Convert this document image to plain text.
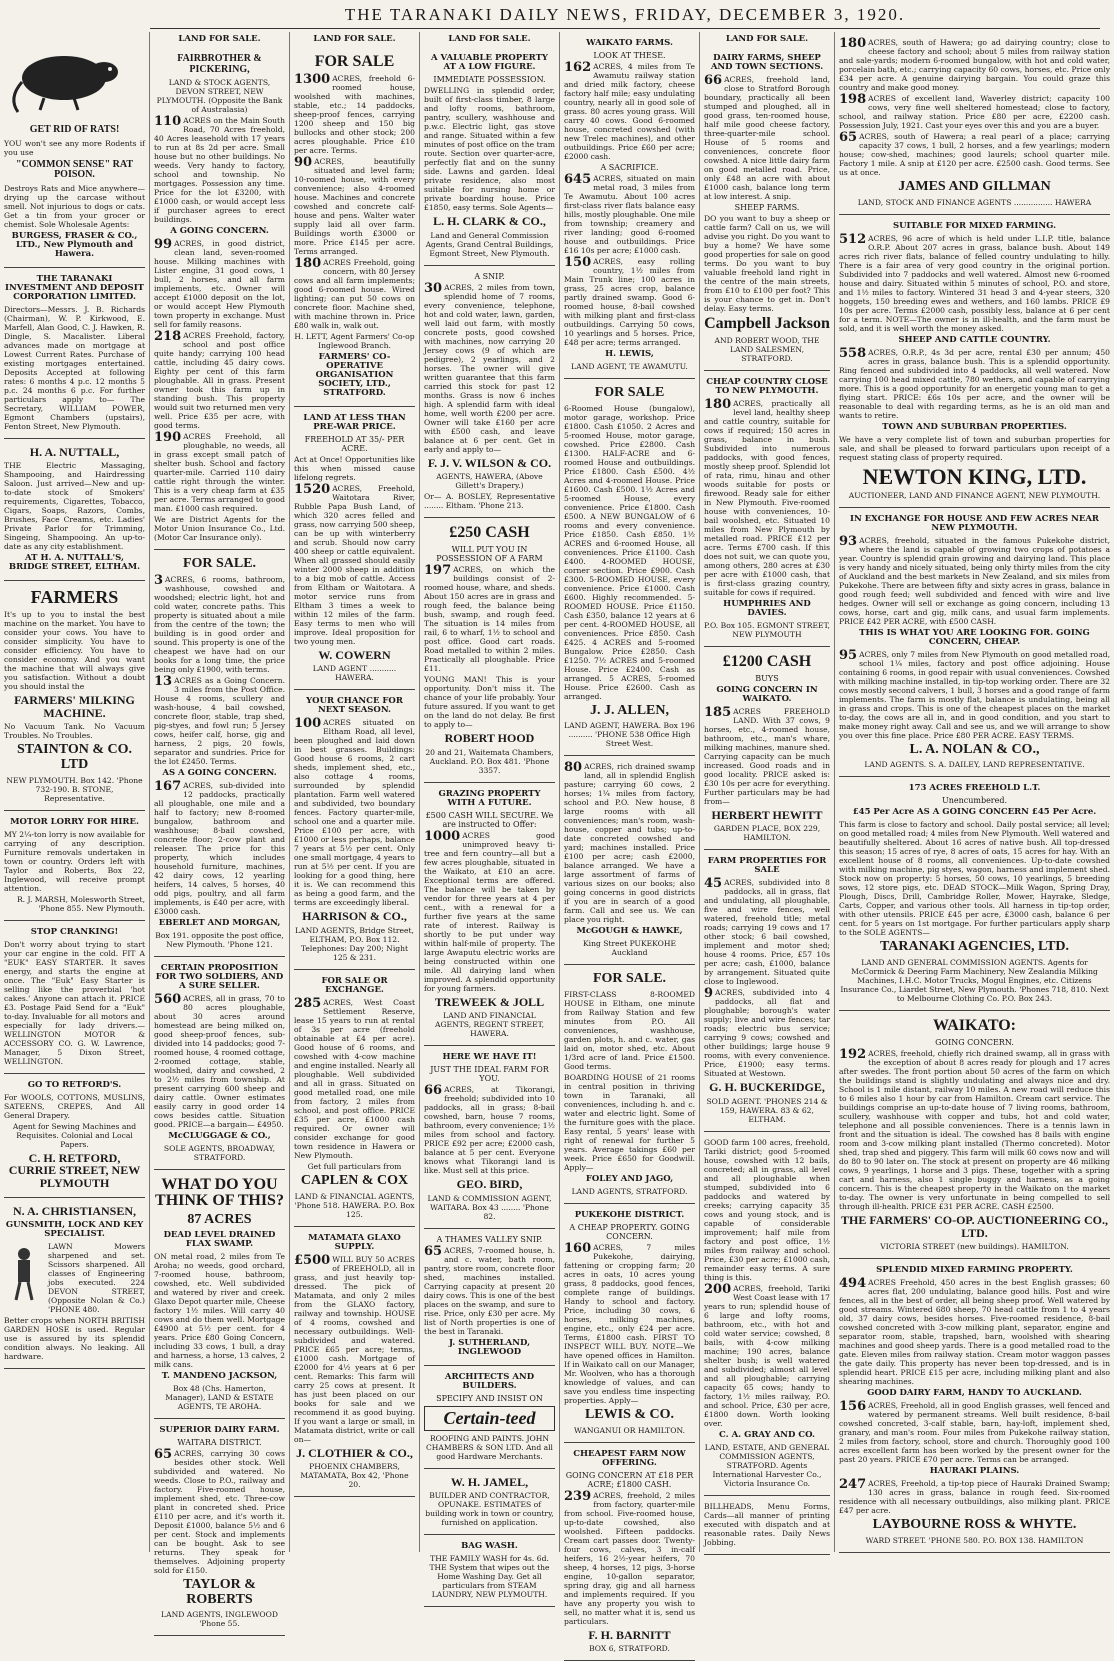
THE TARANAKI DAILY NEWS, FRIDAY, DECEMBER 3, 1920.
GET RID OF RATS!

YOU won't see any more Rodents if you use

"COMMON SENSE" RAT POISON.

Destroys Rats and Mice anywhere—drying up the carcase without smell. Not injurious to dogs or cats. Get a tin from your grocer or chemist. Sole Wholesale Agents:

BURGESS, FRASER & CO., LTD., New Plymouth and Hawera.
THE TARANAKI INVESTMENT AND DEPOSIT CORPORATION LIMITED.

Directors—Messrs. J. B. Richards (Chairman), W. P. Kirkwood, E. Marfell, Alan Good, C. J. Hawken, R. Dingle, S. Macalister. Liberal advances made on mortgage at Lowest Current Rates. Purchase of existing mortgages entertained. Deposits Accepted at following rates: 6 months 4 p.c. 12 months 5 p.c. 24 months 6 p.c. For further particulars apply to— The Secretary, WILLIAM POWER, Egmont Chambers (upstairs), Fenton Street, New Plymouth.

H. A. NUTTALL,

THE Electric Massaging, Shampooing, and Hairdressing Saloon. Just arrived—New and up-to-date stock of Smokers' requirements, Cigarettes, Tobacco, Cigars, Soaps, Razors, Combs, Brushes, Face Creams, etc. Ladies' Private Parlor for Trimming, Singeing, Shampooing. An up-to-date as any city establishment.

AT H. A. NUTTALL'S, BRIDGE STREET, ELTHAM.
FARMERS

It's up to you to instal the best machine on the market. You have to consider your cows. You have to consider simplicity. You have to consider efficiency. You have to consider economy. And you want the machine that will always give you satisfaction. Without a doubt you should instal the

FARMERS' MILKING MACHINE.

No Vacuum Tank. No Vacuum Troubles. No Troubles.

STAINTON & CO. LTD

NEW PLYMOUTH. Box 142. 'Phone 732-190. B. STONE, Representative.

MOTOR LORRY FOR HIRE.

MY 2¼-ton lorry is now available for carrying of any description. Furniture removals undertaken in town or country. Orders left with Taylor and Roberts, Box 22, Inglewood, will receive prompt attention.

R. J. MARSH, Molesworth Street, 'Phone 855. New Plymouth.

STOP CRANKING!

Don't worry about trying to start your car engine in the cold. FIT A "EUK" EASY STARTER. It saves energy, and starts the engine at once. The "Euk" Easy Starter is selling like the proverbial 'hot cakes.' Anyone can attach it. PRICE £3. Postage Paid Send for a "Euk" to-day. Invaluable for all motors and especially for lady drivers.— WELLINGTON MOTOR & ACCESSORY CO. G. W. Lawrence, Manager, 5 Dixon Street, WELLINGTON.

GO TO RETFORD'S.

For WOOLS, COTTONS, MUSLINS, SATEENS, CREPES, And All General Drapery.

Agent for Sewing Machines and Requisites. Colonial and Local Papers.

C. H. RETFORD, CURRIE STREET, NEW PLYMOUTH
N. A. CHRISTIANSEN,
GUNSMITH, LOCK AND KEY SPECIALIST.

LAWN Mowers sharpened and set. Scissors sharpened. All classes of Engineering jobs executed. 224 DEVON STREET, (Opposite Nolan & Co.) 'PHONE 480.

Better crops when NORTH BRITISH GARDEN HOSE is used. Regular use is assured by its splendid condition always. No leaking. All hardware.

LAND FOR SALE.
FAIRBROTHER & PICKERING,

LAND & STOCK AGENTS, DEVON STREET, NEW PLYMOUTH. (Opposite the Bank of Australasia)

110 ACRES on the Main South Road, 70 Acres freehold, 40 Acres leasehold with 17 years to run at 8s 2d per acre. Small house but no other buildings. No weeds. Very handy to factory, school and township. No mortgages. Possession any time. Price for the lot £3200, with £1000 cash, or would accept less if purchaser agrees to erect buildings.

A GOING CONCERN.

99 ACRES, in good district, clean land, seven-roomed house. Milking machines with Lister engine, 31 good cows, 1 bull, 2 horses, and all farm implements, etc. Owner will accept £1000 deposit on the lot, or would accept Hew Plymouth town property in exchange. Must sell for family reasons.

218 ACRES Freehold, factory, school and post office quite handy; carrying 100 head cattle, including 45 dairy cows. Eighty per cent of this farm ploughable. All in grass. Present owner took this farm up in standing bush. This property would suit two returned men very well. Price £35 per acre, with good terms.

190 ACRES Freehold, all ploughable, no weeds, all in grass except small patch of shelter bush. School and factory quarter-mile. Carried 110 dairy cattle right through the winter. This is a very cheap farm at £35 per acre. Terms arranged to good man. £1000 cash required.

We are District Agents for the Motor Union Insurance Co., Ltd. (Motor Car Insurance only).

FOR SALE.

3 ACRES, 6 rooms, bathroom, washhouse, cowshed and woodshed; electric light, hot and cold water, concrete paths. This property is situated about a mile from the centre of the town; the building is in good order and sound. This property is one of the cheapest we have had on our books for a long time, the price being only £1900, with terms.

13 ACRES as a Going Concern. 3 miles from the Post Office. House 4 rooms, scullery and wash-house, 4 bail cowshed, concrete floor, stable, trap shed, pig-styes, and fowl run; 5 Jersey cows, heifer calf, horse, gig and harness, 2 pigs, 20 fowls, separator and sundries. Price for the lot £2450. Terms.

AS A GOING CONCERN.

167 ACRES, sub-divided into 12 paddocks, practically all ploughable, one mile and a half to factory; new 8-roomed bungalow, bathroom and washhouse; 8-bail cowshed, concrete floor; 2-cow plant and releaser. The price for this property, which includes household furniture, machines, 42 dairy cows, 12 yearling heifers, 14 calves, 5 horses, 40 odd pigs, poultry, and all farm implements, is £40 per acre, with £3000 cash.

EBERLET AND MORGAN,

Box 191. opposite the post office, New Plymouth. 'Phone 121.

CERTAIN PROPOSITION FOR TWO SOLDIERS, AND A SURE SELLER.

560 ACRES, all in grass, 70 to 80 acres ploughable, about 30 acres around homestead are being milked on, good sheep-proof fences, sub-divided into 14 paddocks; good 7-roomed house, 4 roomed cottage, 2-roomed cottage, stable, woolshed, dairy and cowshed, 2 to 2½ miles from township. At present carrying 600 sheep and dairy cattle. Owner estimates easily carry in good order 14 cows besides cattle. Situation good. PRICE—a bargain— £4950.

McCLUGGAGE & CO.,

SOLE AGENTS, BROADWAY, STRATFORD.

WHAT DO YOU THINK OF THIS?
87 ACRES
DEAD LEVEL DRAINED FLAX SWAMP.

ON metal road, 2 miles from Te Aroha; no weeds, good orchard, 7-roomed house, bathroom, cowshed, etc. Well subdivided and watered by river and creek. Glaxo Depot quarter mile, Cheese factory 1½ miles. Will carry 40 cows and do them well. Mortgage £4900 at 5½ per cent. for 4 years. Price £80 Going Concern, including 33 cows, 1 bull, a dray and harness, a horse, 13 calves, 2 milk cans.

T. MANDENO JACKSON,

Box 48 (Chs. Hamerton, Manager), LAND & ESTATE AGENTS, TE AROHA.

SUPERIOR DAIRY FARM.
WAITARA DISTRICT.

65 ACRES, carrying 30 cows besides other stock. Well subdivided and watered. No weeds. Close to P.O., railway and factory. Five-roomed house, implement shed, etc. Three-cow plant in concreted shed. Price £110 per acre, and it's worth it. Deposit £1000, balance 5½ and 6 per cent. Stock and implements can be bought. Ask to see returns. They speak for themselves. Adjoining property sold for £150.

TAYLOR & ROBERTS

LAND AGENTS, INGLEWOOD 'Phone 55.

LAND FOR SALE.
FOR SALE

1300 ACRES, freehold 6-roomed house, woolshed with machines, stable, etc.; 14 paddocks, sheep-proof fences, carrying 1200 sheep and 150 big bullocks and other stock; 200 acres ploughable. Price £10 per acre. Terms.

90 ACRES, beautifully situated and level farm; 10-roomed house, with every convenience; also 4-roomed house. Machines and concrete cowshed and concrete calf-house and pens. Walter water supply laid all over farm. Buildings worth £3000 or more. Price £145 per acre. Terms arranged.

180 ACRES Freehold, going concern, with 80 Jersey cows and all farm implements; good 6-roomed house. Wired lighting; can put 50 cows on concrete floor. Machine shed, with machine thrown in. Price £80 walk in, walk out.

H. LETT, Agent Farmers' Co-op Inglewood Branch.

FARMERS' CO-OPERATIVE ORGANISATION SOCIETY, LTD., STRATFORD.
LAND AT LESS THAN PRE-WAR PRICE.
FREEHOLD AT 35/- PER ACRE.

Act at Once! Opportunities like this when missed cause lifelong regrets.

1520 ACRES, Freehold, Waitotara River, Rubble Papa Bush Land, of which 320 acres felled and grass, now carrying 500 sheep, can be up with winterberry and scrub. Should now carry 400 sheep or cattle equivalent. When all grassed should easily winter 2000 sheep in addition to a big mob of cattle. Access from Eltham or Waitotara. A motor service runs from Eltham 3 times a week to within 12 miles of the farm. Easy terms to men who will improve. Ideal proposition for two young men.

W. COWERN

LAND AGENT ........... HAWERA.

YOUR CHANCE FOR NEXT SEASON.

100 ACRES situated on Eltham Road, all level, been ploughed and laid down in best grasses. Buildings: Good house 6 rooms, 2 cart sheds, implement shed, etc., also cottage 4 rooms, surrounded by splendid plantation. Farm well watered and subdivided, two boundary fences. Factory quarter-mile, school one and a quarter mile. Price £100 per acre, with £1000 or less perhaps, balance 7 years at 5½ per cent. Only one small mortgage, 4 years to run at 5½ per cent. If you are looking for a good thing, here it is. We can recommend this as being a good farm, and the terms are exceedingly liberal.

HARRISON & CO.,

LAND AGENTS, Bridge Street, ELTHAM, P.O. Box 112. Telephones: Day 200; Night 125 & 231.

FOR SALE OR EXCHANGE.

285 ACRES, West Coast Settlement Reserve, lease 15 years to run at rental of 3s per acre (freehold obtainable at £4 per acre). Good house of 6 rooms, and cowshed with 4-cow machine and engine installed. Nearly all ploughable. Well subdivided and all in grass. Situated on good metalled road, one mile from factory, 2 miles from school, and post office. PRICE £35 per acre, £1000 cash required. Or owner will consider exchange for good town residence in Hawera or New Plymouth.

Get full particulars from

CAPLEN & COX

LAND & FINANCIAL AGENTS, 'Phone 518. HAWERA. P.O. Box 125.

MATAMATA GLAXO SUPPLY.

£500 WILL BUY 50 ACRES of FREEHOLD, all in grass, and just heavily top-dressed. The pick of Matamata, and only 2 miles from the GLAXO factory, railway and township. HOUSE of 4 rooms, cowshed and necessary outbuildings. Well-subdivided and watered. PRICE £65 per acre; terms, £1000 cash. Mortgage of £2000 for 4½ years at 6 per cent. Remarks: This farm will carry 25 cows at present. It has just been placed on our books for sale and we recommend it as good buying. If you want a large or small, in Matamata district, write or call on—

J. CLOTHIER & CO.,

PHOENIX CHAMBERS, MATAMATA, Box 42, 'Phone 20.

LAND FOR SALE.
A VALUABLE PROPERTY AT A LOW FIGURE.
IMMEDIATE POSSESSION.

DWELLING in splendid order, built of first-class timber, 8 large and lofty rooms, bathroom, pantry, scullery, washhouse and p.w.c. Electric light, gas stove and range. Situated within a few minutes of post office on the tram route. Section over quarter-acre, perfectly flat and on the sunny side. Lawns and garden. Ideal private residence, also most suitable for nursing home or private boarding house. Price £1850, easy terms. Sole Agents—

L. H. CLARK & CO.,

Land and General Commission Agents, Grand Central Buildings, Egmont Street, New Plymouth.

A SNIP.

30 ACRES, 2 miles from town, splendid home of 7 rooms, every convenience, telephone, hot and cold water, lawn, garden, well laid out farm, with mostly concrete posts, good cowshed with machines, now carrying 20 Jersey cows (9 of which are pedigree), 2 yearlings, and 2 horses. The owner will give written guarantee that this farm carried this stock for past 12 months. Grass is now 6 inches high. A splendid farm with ideal home, well worth £200 per acre. Owner will take £160 per acre with £500 cash, and leave balance at 6 per cent. Get in early and apply to—

F. J. V. WILSON & CO.

AGENTS, HAWERA, (Above Gillett's Drapery.)

Or— A. BOSLEY, Representative ........ Eltham. 'Phone 213.

£250 CASH
WILL PUT YOU IN POSSESSION OF A FARM

197 ACRES, on which the buildings consist of 2-roomed house, whare, and sheds. About 150 acres are in grass and rough feed, the balance being bush, swamp, and rough feed. The situation is 14 miles from rail, 6 to wharf, 1½ to school and post office. Good cart roads. Road metalled to within 2 miles. Practically all ploughable. Price £11.

YOUNG MAN! This is your opportunity. Don't miss it. The chance of your life probably. Your future assured. If you want to get on the land do not delay. Be first to apply to—

ROBERT HOOD

20 and 21, Waitemata Chambers, Auckland. P.O. Box 481. 'Phone 3357.

GRAZING PROPERTY WITH A FUTURE.
£500 CASH WILL SECURE. We are instructed to Offer:

1000 ACRES good unimproved heavy ti-tree and fern country—all but a few acres ploughable, situated in the Waikato, at £10 an acre. Exceptional terms are offered. The balance will be taken by vendor for three years at 4 per cent., with a renewal for a further five years at the same rate of interest. Railway is shortly to be put under way within half-mile of property. The large Awaputu electric works are being constructed within one mile. All dairying land when improved. A splendid opportunity for young farmers.

TREWEEK & JOLL

LAND AND FINANCIAL AGENTS, REGENT STREET, HAWERA.

HERE WE HAVE IT!
JUST THE IDEAL FARM FOR YOU.

66 ACRES, at Tikorangi, freehold; subdivided into 10 paddocks, all in grass; 8-bail cowshed, barn, house 7 rooms, bathroom, every convenience; 1½ miles from school and factory. PRICE £92 per acre; £2000 cash, balance at 5 per cent. Everyone knows what Tikorangi land is like. Must sell at this price.

GEO. BIRD,

LAND & COMMISSION AGENT, WAITARA. Box 43 ........ 'Phone 82.

A THAMES VALLEY SNIP.

65 ACRES, 7-roomed house, h. and c. water, bath room, pantry, store room, concrete floor shed, machines installed. Carrying capacity at present 20 dairy cows. This is one of the best places on the swamp, and sure to rise. Price, only £30 per acre. My list of North properties is one of the best in Taranaki.

J. SUTHERLAND, INGLEWOOD
ARCHITECTS AND BUILDERS.
SPECIFY AND INSIST ON
Certain-teed

ROOFING AND PAINTS. JOHN CHAMBERS & SON LTD. And all good Hardware Merchants.

W. H. JAMEL,

BUILDER AND CONTRACTOR, OPUNAKE. ESTIMATES of building work in town or country, furnished on application.

BAG WASH.

THE FAMILY WASH for 4s. 6d. THE System that wipes out the Home Washing Day. Get all particulars from STEAM LAUNDRY, NEW PLYMOUTH.

WAIKATO FARMS.
LOOK AT THESE.

162 ACRES, 4 miles from Te Awamutu railway station and dried milk factory, cheese factory half mile; easy undulating country, nearly all in good sole of grass. 80 acres young grass. Will carry 40 cows. Good 6-roomed house, concreted cowshed (with new Trelec machines), and other outbuildings. Price £60 per acre; £2000 cash.

A SACRIFICE.

645 ACRES, situated on main metal road, 3 miles from Te Awamutu. About 100 acres first-class river flats balance easy hills, mostly ploughable. One mile from township; creamery and river landing; good 6-roomed house and outbuildings. Price £16 10s per acre; £1000 cash.

150 ACRES, easy rolling country, 1½ miles from Main Trunk line; 100 acres in grass, 25 acres crop, balance partly drained swamp. Good 6-roomed house, 8-bail cowshed with milking plant and first-class outbuildings. Carrying 50 cows, 10 yearlings and 5 horses. Price, £48 per acre; terms arranged.

H. LEWIS,

LAND AGENT, TE AWAMUTU.

FOR SALE

6-Roomed House (bungalow), motor garage, workshop. Price £1800. Cash £1050. 2 Acres and 5-roomed House, motor garage, cowshed. Price £2800. Cash £1300. HALF-ACRE and 6-roomed House and outbuildings. Price £1800. Cash £500. 4½ Acres and 4-roomed House. Price £1600. Cash £500. 1½ Acres and 5-roomed House, every convenience. Price £1800. Cash £500. A NEW BUNGALOW of 6 rooms and every convenience. Price £1850. Cash £850. 1½ ACRES and 6-roomed House, all conveniences. Price £1100. Cash £400. 4-ROOMED HOUSE, corner section. Price £900. Cash £300. 5-ROOMED HOUSE, every convenience. Price £1000. Cash £600. Highly recommended. 5-ROOMED HOUSE. Price £1150. Cash £350, balance 12 years at 6 per cent. 4-ROOMED HOUSE, all conveniences. Price £850. Cash £425. 4 ACRES and 5-roomed Bungalow. Price £2850. Cash £1250. 7½ ACRES and 5-roomed House. Price £2400. Cash as arranged. 5 ACRES, 5-roomed House. Price £2600. Cash as arranged.

J. J. ALLEN,

LAND AGENT, HAWERA. Box 196 .......... 'PHONE 538 Office High Street West.

80 ACRES, rich drained swamp land, all in splendid English pasture; carrying 60 cows, 2 horses; 1¼ miles from factory, school and P.O. New house, 8 large rooms with all conveniences; man's room, wash-house, copper and tubs; up-to-date concreted cowshed and yard; machines installed. Price £100 per acre; cash £2000, balance arranged. We have a large assortment of farms of various sizes on our books; also going concerns in good districts if you are in search of a good farm. Call and see us. We can place you right.

McGOUGH & HAWKE,

King Street PUKEKOHE Auckland

FOR SALE.

FIRST-CLASS 8-ROOMED HOUSE in Eltham, one minute from Railway Station and few minutes from P.O. All conveniences, washhouse, garden plots, h. and c. water, gas laid on, motor shed, etc. About 1/3rd acre of land. Price £1500. Good terms.

BOARDING HOUSE of 21 rooms in central position in thriving town in Taranaki, all conveniences, including h. and c. water and electric light. Some of the furniture goes with the place. Easy rental, 5 years' lease with right of renewal for further 5 years. Average takings £60 per week. Price £650 for Goodwill. Apply—

FOLEY AND JAGO,

LAND AGENTS, STRATFORD.

PUKEKOHE DISTRICT.
A CHEAP PROPERTY. GOING CONCERN.

160 ACRES, 7 miles Pukekohe, dairying, fattening or cropping farm; 20 acres in oats, 10 acres young grass, 8 paddocks, good fences, complete range of buildings. Handy to school and factory. Price, including 30 cows, 6 horses, milking machines, engine, etc., only £24 per acre. Terms, £1800 cash. FIRST TO INSPECT WILL BUY. NOTE—We have opened offices in Hamilton. If in Waikato call on our Manager, Mr. Woolven, who has a thorough knowledge of values, and can save you endless time inspecting properties. Apply—

LEWIS & CO.

WANGANUI OR HAMILTON.

CHEAPEST FARM NOW OFFERING.
GOING CONCERN AT £18 PER ACRE; £1800 CASH.

239 ACRES, freehold, 2 miles from factory, quarter-mile from school. Five-roomed house, up-to-date cowshed, also woolshed. Fifteen paddocks. Cream cart passes door. Twenty-four cows, calves, 3 in-calf heifers, 16 2½-year heifers, 70 sheep, 4 horses, 12 pigs, 3-horse engine, 10-gallon separator, spring dray, gig and all harness and implements required. If you have any property you wish to sell, no matter what it is, send us particulars.

F. H. BARNITT

BOX 6, STRATFORD.

LAND FOR SALE.
DAIRY FARMS, SHEEP AND TOWN SECTIONS.

66 ACRES, freehold land, close to Stratford Borough boundary, practically all been stumped and ploughed, all in good grass, ten-roomed house, half mile good cheese factory, three-quarter-mile school. House of 5 rooms and conveniences, concrete floor cowshed. A nice little dairy farm on good metalled road. Price, only £48 an acre with about £1000 cash, balance long term at low interest. A snip.

SHEEP FARMS.

DO you want to buy a sheep or cattle farm? Call on us, we will advise you right. Do you want to buy a home? We have some good properties for sale on good terms. Do you want to buy valuable freehold land right in the centre of the main streets, from £10 to £100 per foot? This is your chance to get in. Don't delay. Easy terms.

Campbell Jackson

AND ROBERT WOOD, THE LAND SALESMEN, STRATFORD.

CHEAP COUNTRY CLOSE TO NEW PLYMOUTH.

180 ACRES, practically all level land, healthy sheep and cattle country, suitable for cows if required; 150 acres in grass, balance in bush. Subdivided into numerous paddocks, with good fences, mostly sheep proof. Splendid lot of rata, rimu, hinau and other woods suitable for posts or firewood. Ready sale for either in New Plymouth. Five-roomed house with conveniences, 10-bail woolshed, etc. Situated 10 miles from New Plymouth by metalled road. PRICE £12 per acre. Terms £700 cash. If this does not suit, we can quote you, among others, 280 acres at £30 per acre with £1000 cash, that is first-class grazing country, suitable for cows if required.

HUMPHRIES AND DAVIES.

P.O. Box 105. EGMONT STREET, NEW PLYMOUTH

£1200 CASH
BUYS
GOING CONCERN IN WAIKATO.

185 ACRES FREEHOLD LAND. With 37 cows, 9 horses, etc., 4-roomed house, bathroom, etc., man's whare, milking machines, manure shed. Carrying capacity can be much increased. Good roads and in good locality. PRICE asked is: £30 10s per acre for everything. Further particulars may be had from—

HERBERT HEWITT

GARDEN PLACE, BOX 229, HAMILTON.

FARM PROPERTIES FOR SALE

45 ACRES, subdivided into 8 paddocks, all in grass, flat and undulating, all ploughable, five and wire fences, well watered, freehold title; metal roads; carrying 19 cows and 17 other stock; 6 bail cowshed, implement and motor shed; house 4 rooms. Price, £57 10s per acre; cash, £1000, balance by arrangement. Situated quite close to Inglewood.

9 ACRES, subdivided into 4 paddocks, all flat and ploughable; borough's water supply; live and wire fences; tar roads; electric bus service; carrying 9 cows; cowshed and other buildings; large house 9 rooms, with every convenience. Price, £1900; easy terms. Situated at Westown.

G. H. BUCKERIDGE,

SOLD AGENT. 'PHONES 214 & 159, HAWERA. 83 & 62, ELTHAM.

GOOD farm 100 acres, freehold, Tariki district; good 5-roomed house, cowshed with 12 bails, concreted; all in grass, all level and all ploughable when stumped, subdivided into 6 paddocks and watered by creeks; carrying capacity 35 cows and young stock, and is capable of considerable improvement; half mile from factory and post office, 1½ miles from railway and school. Price, £30 per acre; £1000 cash, remainder easy terms. A sure thing is this.

200 ACRES, freehold, Tariki West Coast lease with 17 years to run; splendid house of 6 large and lofty rooms, bathroom, etc., with hot and cold water service; cowshed, 8 bails, with 4-cow milking machine; 190 acres, balance shelter bush; is well watered and subdivided; almost all level and all ploughable; carrying capacity 65 cows; handy to factory, 1½ miles railway, P.O. and school. Price, £30 per acre, £1800 down. Worth looking over.

C. A. GRAY AND CO.

LAND, ESTATE, AND GENERAL COMMISSION AGENTS, STRATFORD. Agents International Harvester Co., Victoria Insurance Co.

BILLHEADS, Menu Forms, Cards—all manner of printing executed with dispatch and at reasonable rates. Daily News Jobbing.

180 ACRES, south of Hawera; go ad dairying country; close to cheese factory and school; about 5 miles from railway station and sale-yards; modern 6-roomed bungalow, with hot and cold water, porcelain bath, etc.; carrying capacity 60 cows, horses, etc. Price only £34 per acre. A genuine dairying bargain. You could graze this country and make good money.

198 ACRES of excellent land, Waverley district; capacity 100 cows, very fine well sheltered homestead; close to factory, school, and railway station. Price £80 per acre, £2200 cash. Possession July, 1921. Cast your eyes over this and you are a buyer.

65 ACRES, south of Hawera; a real pearl of a place; carrying capacity 37 cows, 1 bull, 2 horses, and a few yearlings; modern house; cow-shed, machines; good laurels; school quarter mile. Factory 1 mile. A snip at £120 per acre. £2500 cash. Good terms. See us at once.

JAMES AND GILLMAN

LAND, STOCK AND FINANCE AGENTS ................ HAWERA

SUITABLE FOR MIXED FARMING.

512 ACRES, 96 acre of which is held under L.I.P. title, balance O.R.P. About 207 acres in grass, balance bush. About 149 acres rich river flats, balance of felled country undulating to hilly. There is a fair area of very good country in the original portion. Subdivided into 7 paddocks and well watered. Almost new 6-roomed house and dairy. Situated within 5 minutes of school, P.O. and store, and 1½ miles to factory. Wintered 31 head 3 and 4-year steers, 320 hoggets, 150 breeding ewes and wethers, and 160 lambs. PRICE £9 10s per acre. Terms £2000 cash, possibly less, balance at 6 per cent for a term. NOTE—The owner is in ill-health, and the farm must be sold, and it is well worth the money asked.

SHEEP AND CATTLE COUNTRY.

558 ACRES, O.R.P., 4s 3d per acre, rental £30 per annum; 450 acres in grass, balance bush. This is a splendid opportunity. Ring fenced and subdivided into 4 paddocks, all well watered. Now carrying 100 head mixed cattle, 780 wethers, and capable of carrying more. This is a good opportunity for an energetic young man to get a flying start. PRICE: £6s 10s per acre, and the owner will be reasonable to deal with regarding terms, as he is an old man and wants to retire.

TOWN AND SUBURBAN PROPERTIES.

We have a very complete list of town and suburban properties for sale, and shall be pleased to forward particulars upon receipt of a request stating class of property required.

NEWTON KING, LTD.

AUCTIONEER, LAND AND FINANCE AGENT, NEW PLYMOUTH.

IN EXCHANGE FOR HOUSE AND FEW ACRES NEAR NEW PLYMOUTH.

93 ACRES, freehold, situated in the famous Pukekohe district, where the land is capable of growing two crops of potatoes a year. Country is splendid grain growing and dairying land. This place is very handy and nicely situated, being only thirty miles from the city of Auckland and the best markets in New Zealand, and six miles from Pukekohe. There are between fifty and sixty acres in grass, balance in good rough feed; well subdivided and fenced with wire and live hedges. Owner will sell or exchange as going concern, including 13 cows, horse, cart and gig, milk cans, and usual farm implements. PRICE £42 PER ACRE, with £500 CASH.

THIS IS WHAT YOU ARE LOOKING FOR. GOING CONCERN, CHEAP.

95 ACRES, only 7 miles from New Plymouth on good metalled road, school 1¼ miles, factory and post office adjoining. House containing 6 rooms, in good repair with usual conveniences. Cowshed with milking machine installed, in tip-top working order. There are 32 cows mostly second calvers, 1 bull, 3 horses and a good range of farm implements. The farm is mostly flat, balance is undulating, being all in grass and crops. This is one of the cheapest places on the market to-day, the cows are all in, and in good condition, and you start to make money right away. Call and see us, and we will arrange to show you over this fine place. Price £80 PER ACRE. EASY TERMS.

L. A. NOLAN & CO.,

LAND AGENTS. S. A. DAILEY, LAND REPRESENTATIVE.

173 ACRES FREEHOLD L.T.
Unencumbered.
£45 Per Acre AS A GOING CONCERN £45 Per Acre.

This farm is close to factory and school. Daily postal service; all level; on good metalled road; 4 miles from New Plymouth. Well watered and beautifully sheltered. About 16 acres of native bush. All top-dressed this season; 15 acres of rye, 8 acres of oats, 15 acres for hay. With an excellent house of 8 rooms, all conveniences. Up-to-date cowshed with milking machine, pig styes, wagon, harness and implement shed. Stock now on property: 5 horses, 50 cows, 10 yearlings, 5 breeding sows, 12 store pigs, etc. DEAD STOCK—Milk Wagon, Spring Dray, Plough, Discs, Drill, Cambridge Roller, Mower, Hayrake, Sledge, Carts, Copper, and various other tools. All harness in tip-top order, with other utensils. PRICE £45 per acre, £3000 cash, balance 6 per cent. for 5 years on 1st mortgage. For further particulars apply sharp to the SOLE AGENTS—

TARANAKI AGENCIES, LTD.

LAND AND GENERAL COMMISSION AGENTS. Agents for McCormick & Deering Farm Machinery, New Zealandia Milking Machines, I.H.C. Motor Trucks, Mogul Engines, etc. Citizens Insurance Co., Liardet Street, New Plymouth. 'Phones 718, 810. Next to Melbourne Clothing Co. P.O. Box 243.

WAIKATO:
GOING CONCERN.

192 ACRES, freehold, chiefly rich drained swamp, all in grass with the exception of about 8 acres ready for plough and 17 acres after swedes. The front portion about 50 acres of the farm on which the buildings stand is slightly undulating and always nice and dry. School is 1 mile distant, railway 10 miles. A new road will reduce this to 6 miles also 1 hour by car from Hamilton. Cream cart service. The buildings comprise an up-to-date house of 7 living rooms, bathroom, scullery, washhouse with copper and tubs, hot and cold water, telephone and all possible conveniences. There is a tennis lawn in front and the situation is ideal. The cowshed has 8 bails with engine room and 3-cow milking plant installed (Thermo concreted). Motor shed, trap shed and piggery. This farm will milk 60 cows now and will do 80 to 90 later on. The stock at present on property are 46 milking cows, 9 yearlings, 1 horse and 3 pigs. These, together with a spring cart and harness, also 1 single buggy and harness, as a going concern. This is the cheapest property in the Waikato on the market to-day. The owner is very unfortunate in being compelled to sell through ill-health. PRICE £31 PER ACRE. CASH £2500.

THE FARMERS' CO-OP. AUCTIONEERING CO., LTD.

VICTORIA STREET (new buildings). HAMILTON.

SPLENDID MIXED FARMING PROPERTY.

494 ACRES Freehold, 450 acres in the best English grasses; 60 acres flat, 200 undulating, balance good hills. Post and wire fences, all in the best of order, all being sheep proof. Well watered by good streams. Wintered 680 sheep, 70 head cattle from 1 to 4 years old, 37 dairy cows, besides horses. Five-roomed residence, 8-bail cowshed concreted with 3-cow milking plant, separator, engine and separator room, stable, trapshed, barn, woolshed with shearing machines and good sheep yards. There is a good metalled road to the gate. Eleven miles from railway station. Cream motor waggon passes the gate daily. This property has never been top-dressed, and is in splendid heart. PRICE £15 per acre, including milking plant and also shearing machines.

GOOD DAIRY FARM, HANDY TO AUCKLAND.

156 ACRES, Freehold, all in good English grasses, well fenced and watered by permanent streams. Well built residence, 8-bail cowshed concreted, 3-calf stable, barn, hay-loft, implement shed, granary, and man's room. Four miles from Pukekohe railway station, 2 miles from factory, school, store and church. Thoroughly good 100 acres excellent farm has been worked by the present owner for the past 20 years. PRICE £70 per acre. Terms can be arranged.

HAURAKI PLAINS.

247 ACRES, Freehold, a tip-top piece of Hauraki Drained Swamp; 130 acres in grass, balance in rough feed. Six-roomed residence with all necessary outbuildings, also milking plant. PRICE £47 per acre.

LAYBOURNE ROSS & WHYTE.

WARD STREET. 'PHONE 580. P.O. BOX 138. HAMILTON
